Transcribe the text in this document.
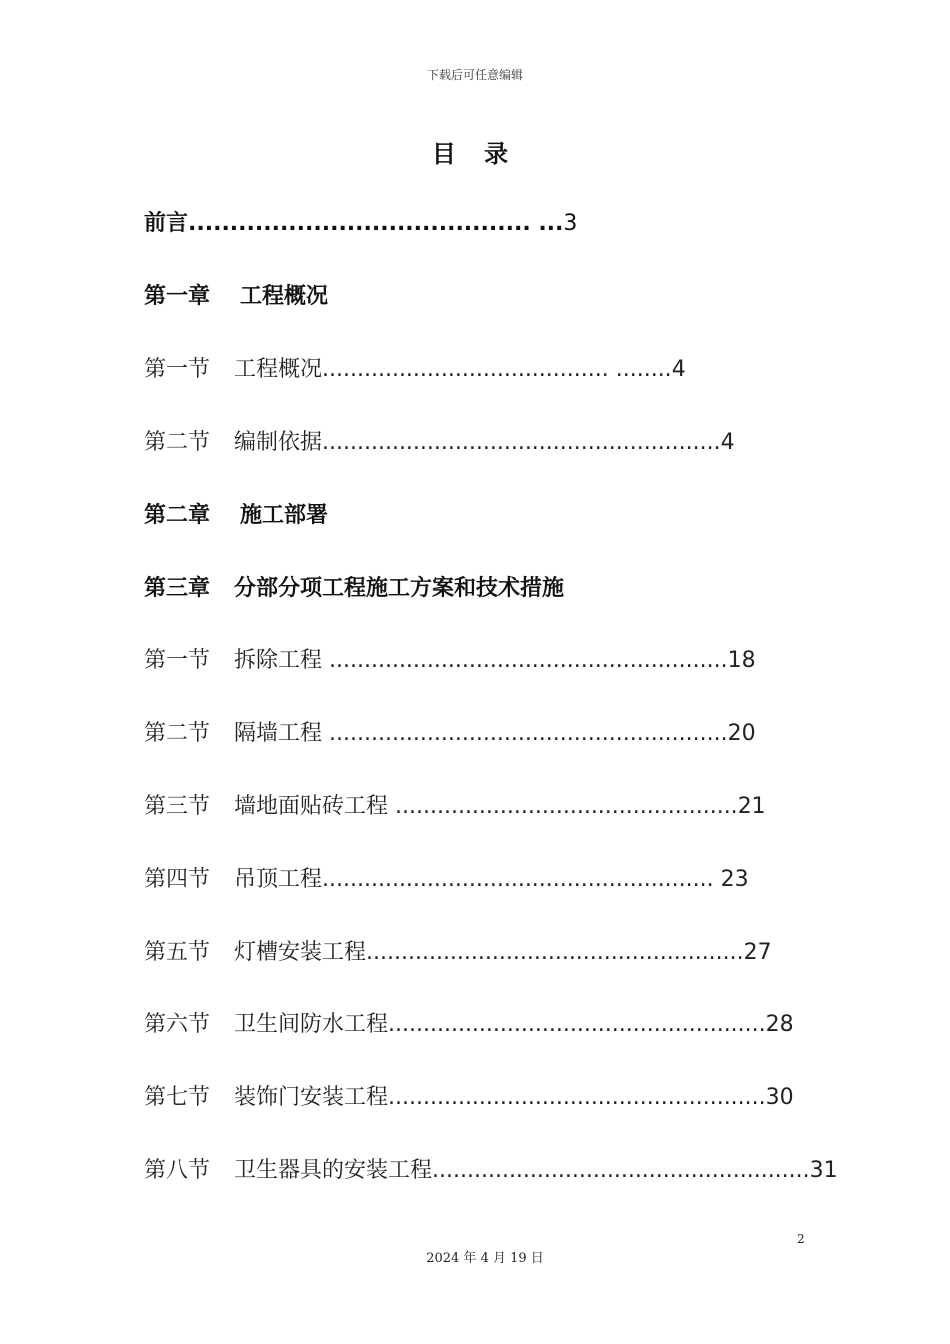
下载后可任意编辑
目 录
前言......................................... ...3
第一章 工程概况
第一节 工程概况......................................... ........4
第二节 编制依据.........................................................4
第二章 施工部署
第三章 分部分项工程施工方案和技术措施
第一节 拆除工程 .........................................................18
第二节 隔墙工程 .........................................................20
第三节 墙地面贴砖工程 .................................................21
第四节 吊顶工程........................................................ 23
第五节 灯槽安装工程......................................................27
第六节 卫生间防水工程......................................................28
第七节 装饰门安装工程......................................................30
第八节 卫生器具的安装工程......................................................31
2
2024 年 4 月 19 日
